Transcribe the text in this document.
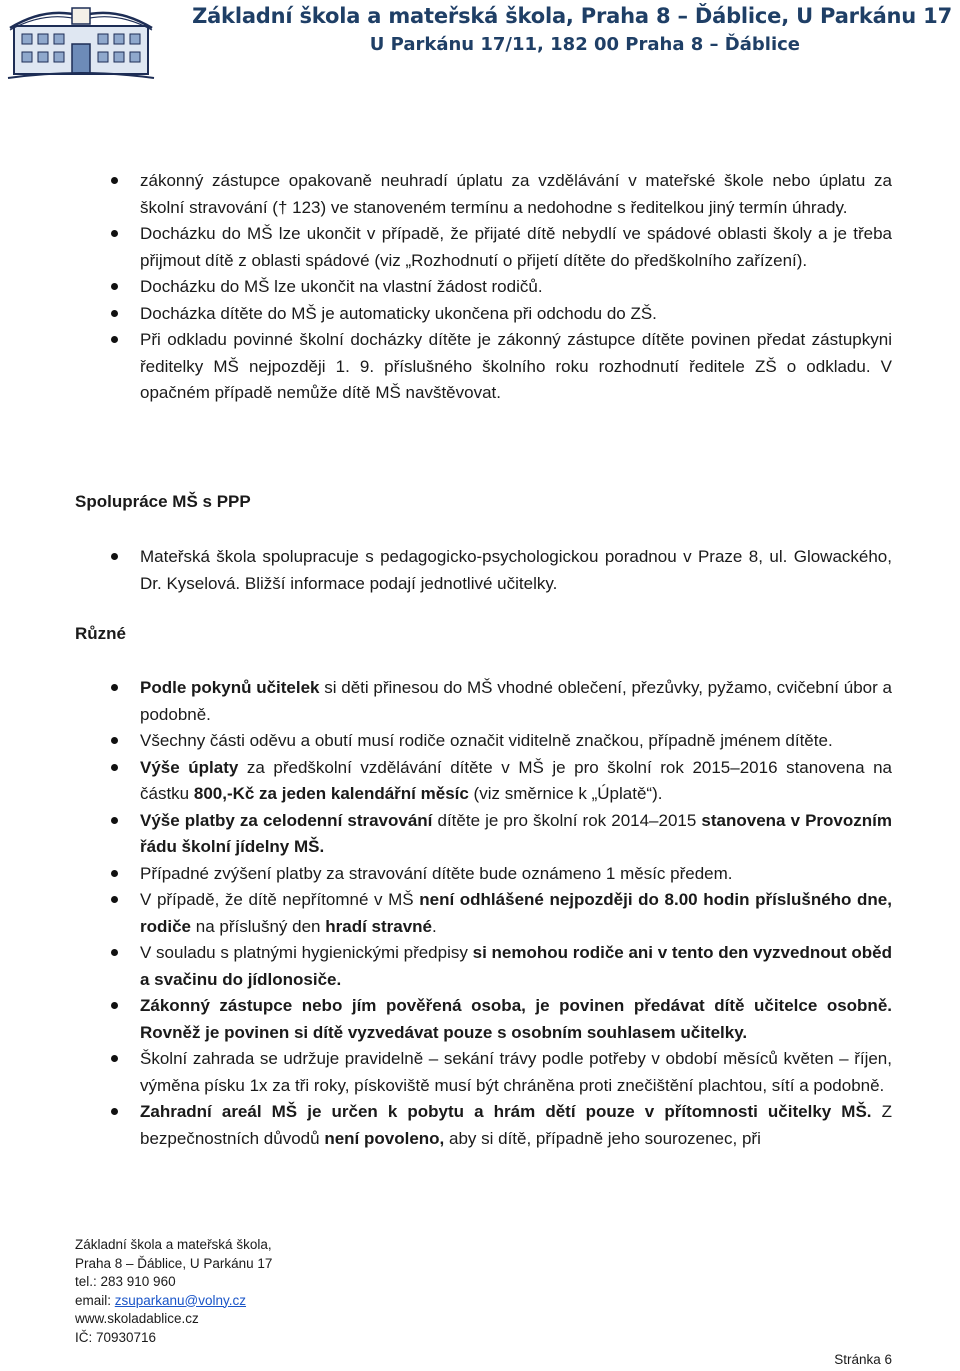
Základní škola a mateřská škola, Praha 8 – Ďáblice, U Parkánu 17
U Parkánu 17/11, 182 00 Praha 8 – Ďáblice
zákonný zástupce opakovaně neuhradí úplatu za vzdělávání v mateřské škole nebo úplatu za školní stravování († 123) ve stanoveném termínu a nedohodne s ředitelkou jiný termín úhrady.
Docházku do MŠ lze ukončit v případě, že přijaté dítě nebydlí ve spádové oblasti školy a je třeba přijmout dítě z oblasti spádové (viz „Rozhodnutí o přijetí dítěte do předškolního zařízení).
Docházku do MŠ lze ukončit na vlastní žádost rodičů.
Docházka dítěte do MŠ je automaticky ukončena při odchodu do ZŠ.
Při odkladu povinné školní docházky dítěte je zákonný zástupce dítěte povinen předat zástupkyni ředitelky MŠ nejpozději 1. 9. příslušného školního roku rozhodnutí ředitele ZŠ o odkladu. V opačném případě nemůže dítě MŠ navštěvovat.
Spolupráce MŠ s PPP
Mateřská škola spolupracuje s pedagogicko-psychologickou poradnou v Praze 8, ul. Glowackého, Dr. Kyselová. Bližší informace podají jednotlivé učitelky.
Různé
Podle pokynů učitelek si děti přinesou do MŠ vhodné oblečení, přezůvky, pyžamo, cvičební úbor a podobně.
Všechny části oděvu a obutí musí rodiče označit viditelně značkou, případně jménem dítěte.
Výše úplaty za předškolní vzdělávání dítěte v MŠ je pro školní rok 2015–2016 stanovena na částku 800,-Kč za jeden kalendářní měsíc (viz směrnice k „Úplatě“).
Výše platby za celodenní stravování dítěte je pro školní rok 2014–2015 stanovena v Provozním řádu školní jídelny MŠ.
Případné zvýšení platby za stravování dítěte bude oznámeno 1 měsíc předem.
V případě, že dítě nepřítomné v MŠ není odhlášené nejpozději do 8.00 hodin příslušného dne, rodiče na příslušný den hradí stravné.
V souladu s platnými hygienickými předpisy si nemohou rodiče ani v tento den vyzvednout oběd a svačinu do jídlonosiče.
Zákonný zástupce nebo jím pověřená osoba, je povinen předávat dítě učitelce osobně. Rovněž je povinen si dítě vyzvedávat pouze s osobním souhlasem učitelky.
Školní zahrada se udržuje pravidelně – sekání trávy podle potřeby v období měsíců květen – říjen, výměna písku 1x za tři roky, pískoviště musí být chráněna proti znečištění plachtou, sítí a podobně.
Zahradní areál MŠ je určen k pobytu a hrám dětí pouze v přítomnosti učitelky MŠ. Z bezpečnostních důvodů není povoleno, aby si dítě, případně jeho sourozenec, při
Základní škola a mateřská škola,
Praha 8 – Ďáblice, U Parkánu 17
tel.: 283 910 960
email: zsuparkanu@volny.cz
www.skoladablice.cz
IČ: 70930716
Stránka 6
